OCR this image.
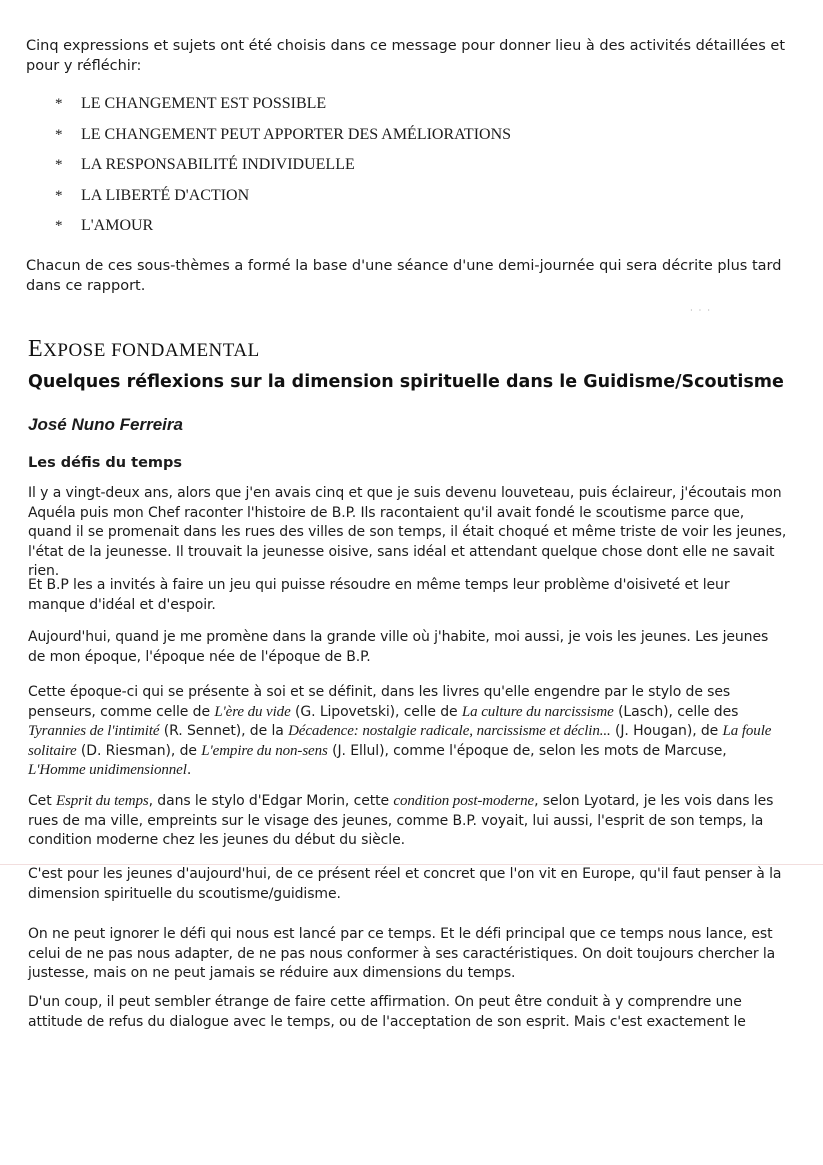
Cinq expressions et sujets ont été choisis dans ce message pour donner lieu à des activités détaillées et pour y réfléchir:

*	LE CHANGEMENT EST POSSIBLE
*	LE CHANGEMENT PEUT APPORTER DES AMÉLIORATIONS
*	LA RESPONSABILITÉ INDIVIDUELLE
*	LA LIBERTÉ D'ACTION
*	L'AMOUR

Chacun de ces sous-thèmes a formé la base d'une séance d'une demi-journée qui sera décrite plus tard dans ce rapport.

· · ·
EXPOSE FONDAMENTAL
Quelques réflexions sur la dimension spirituelle dans le Guidisme/Scoutisme
José Nuno Ferreira
Les défis du temps

Il y a vingt-deux ans, alors que j'en avais cinq et que je suis devenu louveteau, puis éclaireur, j'écoutais mon Aquéla puis mon Chef raconter l'histoire de B.P. Ils racontaient qu'il avait fondé le scoutisme parce que, quand il se promenait dans les rues des villes de son temps, il était choqué et même triste de voir les jeunes, l'état de la jeunesse. Il trouvait la jeunesse oisive, sans idéal et attendant quelque chose dont elle ne savait rien.

Et B.P les a invités à faire un jeu qui puisse résoudre en même temps leur problème d'oisiveté et leur manque d'idéal et d'espoir.

Aujourd'hui, quand je me promène dans la grande ville où j'habite, moi aussi, je vois les jeunes. Les jeunes de mon époque, l'époque née de l'époque de B.P.

Cette époque-ci qui se présente à soi et se définit, dans les livres qu'elle engendre par le stylo de ses penseurs, comme celle de L'ère du vide (G. Lipovetski), celle de La culture du narcissisme (Lasch), celle des Tyrannies de l'intimité (R. Sennet), de la Décadence: nostalgie radicale, narcissisme et déclin... (J. Hougan), de La foule solitaire (D. Riesman), de L'empire du non-sens (J. Ellul), comme l'époque de, selon les mots de Marcuse, L'Homme unidimensionnel.

Cet Esprit du temps, dans le stylo d'Edgar Morin, cette condition post-moderne, selon Lyotard, je les vois dans les rues de ma ville, empreints sur le visage des jeunes, comme B.P. voyait, lui aussi, l'esprit de son temps, la condition moderne chez les jeunes du début du siècle.

C'est pour les jeunes d'aujourd'hui, de ce présent réel et concret que l'on vit en Europe, qu'il faut penser à la dimension spirituelle du scoutisme/guidisme.

On ne peut ignorer le défi qui nous est lancé par ce temps. Et le défi principal que ce temps nous lance, est celui de ne pas nous adapter, de ne pas nous conformer à ses caractéristiques. On doit toujours chercher la justesse, mais on ne peut jamais se réduire aux dimensions du temps.

D'un coup, il peut sembler étrange de faire cette affirmation. On peut être conduit à y comprendre une attitude de refus du dialogue avec le temps, ou de l'acceptation de son esprit. Mais c'est exactement le
